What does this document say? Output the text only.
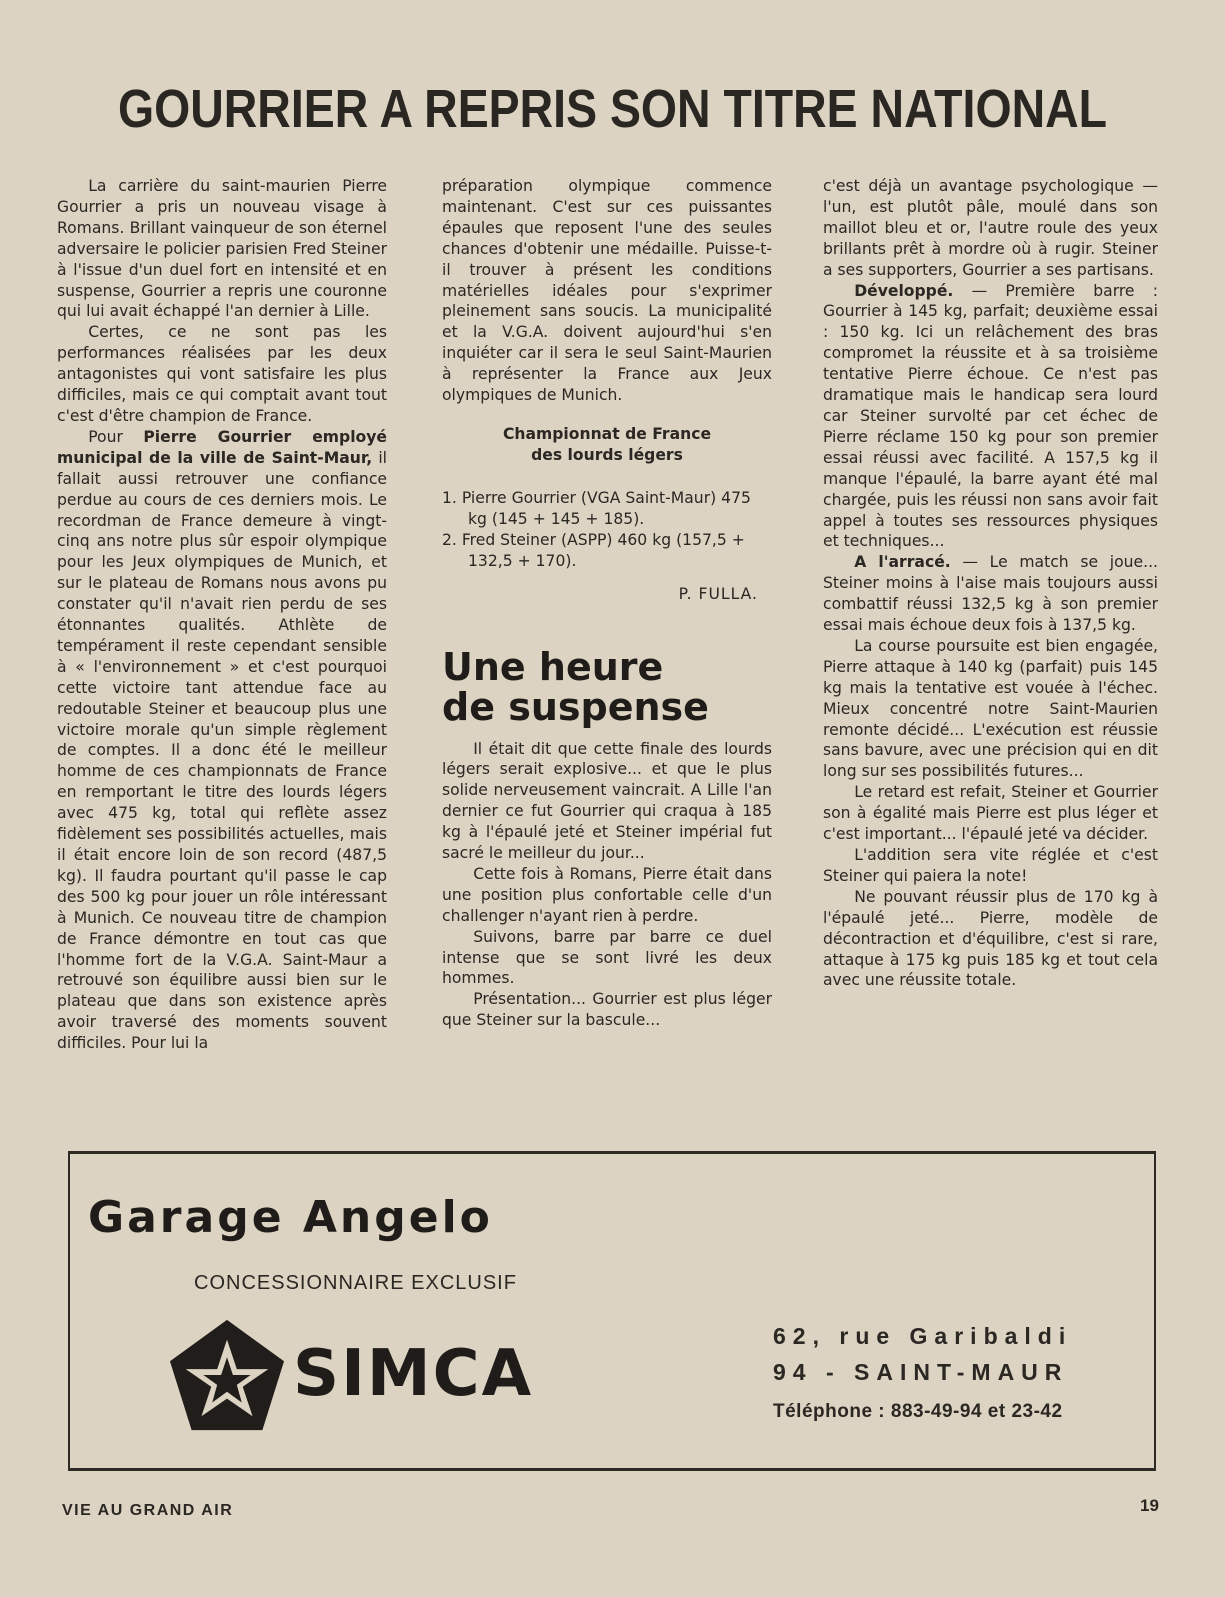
GOURRIER A REPRIS SON TITRE NATIONAL

La carrière du saint-maurien Pierre Gourrier a pris un nouveau visage à Romans. Brillant vainqueur de son éternel adversaire le policier parisien Fred Steiner à l'issue d'un duel fort en intensité et en suspense, Gourrier a repris une couronne qui lui avait échappé l'an dernier à Lille.

Certes, ce ne sont pas les performances réalisées par les deux antagonistes qui vont satisfaire les plus difficiles, mais ce qui comptait avant tout c'est d'être champion de France.

Pour Pierre Gourrier employé municipal de la ville de Saint-Maur, il fallait aussi retrouver une confiance perdue au cours de ces derniers mois. Le recordman de France demeure à vingt-cinq ans notre plus sûr espoir olympique pour les Jeux olympiques de Munich, et sur le plateau de Romans nous avons pu constater qu'il n'avait rien perdu de ses étonnantes qualités. Athlète de tempérament il reste cependant sensible à « l'environnement » et c'est pourquoi cette victoire tant attendue face au redoutable Steiner et beaucoup plus une victoire morale qu'un simple règlement de comptes. Il a donc été le meilleur homme de ces championnats de France en remportant le titre des lourds légers avec 475 kg, total qui reflète assez fidèlement ses possibilités actuelles, mais il était encore loin de son record (487,5 kg). Il faudra pourtant qu'il passe le cap des 500 kg pour jouer un rôle intéressant à Munich. Ce nouveau titre de champion de France démontre en tout cas que l'homme fort de la V.G.A. Saint-Maur a retrouvé son équilibre aussi bien sur le plateau que dans son existence après avoir traversé des moments souvent difficiles. Pour lui la

préparation olympique commence maintenant. C'est sur ces puissantes épaules que reposent l'une des seules chances d'obtenir une médaille. Puisse-t-il trouver à présent les conditions matérielles idéales pour s'exprimer pleinement sans soucis. La municipalité et la V.G.A. doivent aujourd'hui s'en inquiéter car il sera le seul Saint-Maurien à représenter la France aux Jeux olympiques de Munich.

Championnat de France
des lourds légers
1. Pierre Gourrier (VGA Saint-Maur) 475 kg (145 + 145 + 185).
2. Fred Steiner (ASPP) 460 kg (157,5 + 132,5 + 170).
P. FULLA.
Une heure
de suspense

Il était dit que cette finale des lourds légers serait explosive... et que le plus solide nerveusement vaincrait. A Lille l'an dernier ce fut Gourrier qui craqua à 185 kg à l'épaulé jeté et Steiner impérial fut sacré le meilleur du jour...

Cette fois à Romans, Pierre était dans une position plus confortable celle d'un challenger n'ayant rien à perdre.

Suivons, barre par barre ce duel intense que se sont livré les deux hommes.

Présentation... Gourrier est plus léger que Steiner sur la bascule...

c'est déjà un avantage psychologique — l'un, est plutôt pâle, moulé dans son maillot bleu et or, l'autre roule des yeux brillants prêt à mordre où à rugir. Steiner a ses supporters, Gourrier a ses partisans.

Développé. — Première barre : Gourrier à 145 kg, parfait; deuxième essai : 150 kg. Ici un relâchement des bras compromet la réussite et à sa troisième tentative Pierre échoue. Ce n'est pas dramatique mais le handicap sera lourd car Steiner survolté par cet échec de Pierre réclame 150 kg pour son premier essai réussi avec facilité. A 157,5 kg il manque l'épaulé, la barre ayant été mal chargée, puis les réussi non sans avoir fait appel à toutes ses ressources physiques et techniques...

A l'arracé. — Le match se joue... Steiner moins à l'aise mais toujours aussi combattif réussi 132,5 kg à son premier essai mais échoue deux fois à 137,5 kg.

La course poursuite est bien engagée, Pierre attaque à 140 kg (parfait) puis 145 kg mais la tentative est vouée à l'échec. Mieux concentré notre Saint-Maurien remonte décidé... L'exécution est réussie sans bavure, avec une précision qui en dit long sur ses possibilités futures...

Le retard est refait, Steiner et Gourrier son à égalité mais Pierre est plus léger et c'est important... l'épaulé jeté va décider.

L'addition sera vite réglée et c'est Steiner qui paiera la note!

Ne pouvant réussir plus de 170 kg à l'épaulé jeté... Pierre, modèle de décontraction et d'équilibre, c'est si rare, attaque à 175 kg puis 185 kg et tout cela avec une réussite totale.

Garage Angelo
CONCESSIONNAIRE EXCLUSIF
SIMCA
62, rue Garibaldi
94 - SAINT-MAUR
Téléphone : 883-49-94 et 23-42
VIE AU GRAND AIR	19
